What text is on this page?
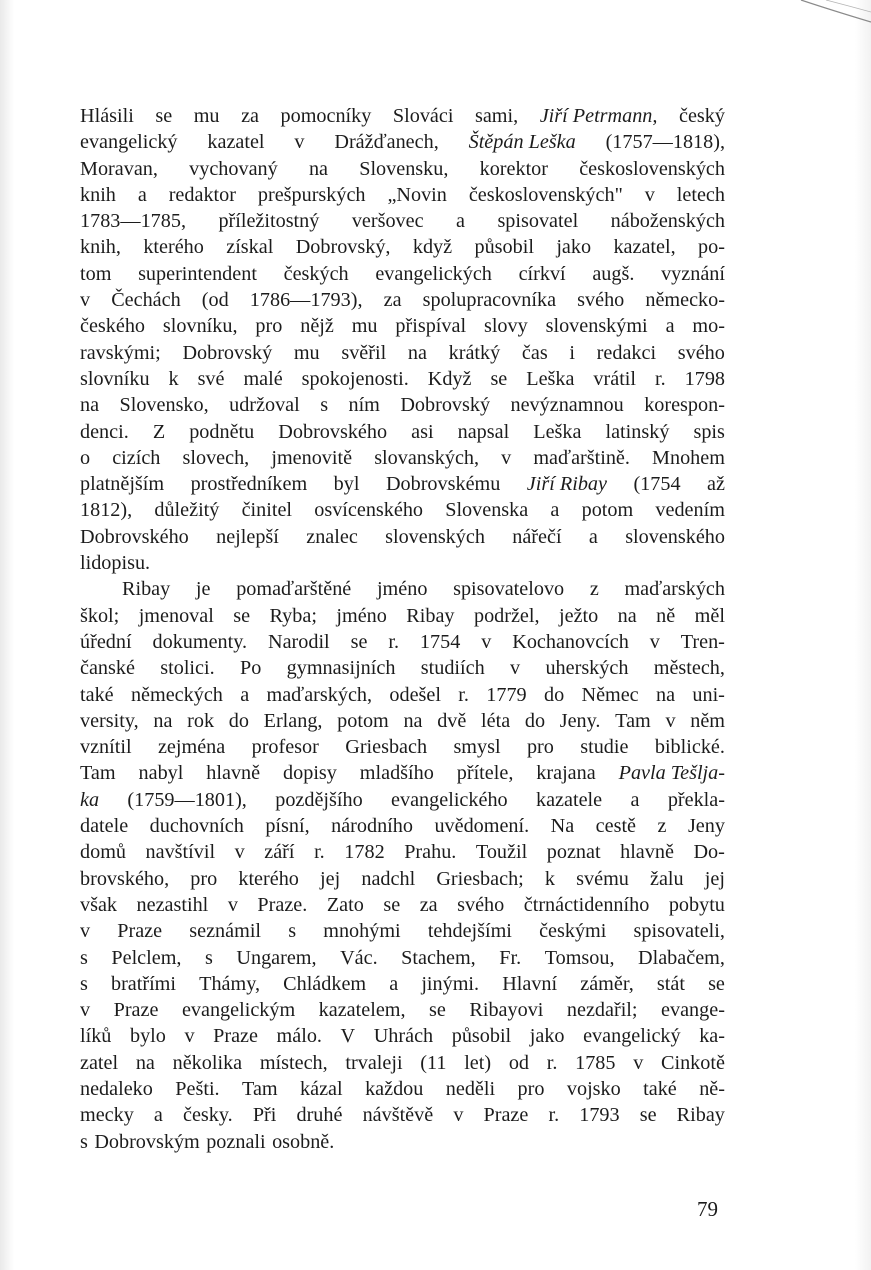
Hlásili se mu za pomocníky Slováci sami, Jiří Petrmann, český
evangelický kazatel v Drážďanech, Štěpán Leška (1757—1818),
Moravan, vychovaný na Slovensku, korektor československých
knih a redaktor prešpurských „Novin československých" v letech
1783—1785, příležitostný veršovec a spisovatel náboženských
knih, kterého získal Dobrovský, když působil jako kazatel, po-
tom superintendent českých evangelických církví augš. vyznání
v Čechách (od 1786—1793), za spolupracovníka svého německo-
českého slovníku, pro nějž mu přispíval slovy slovenskými a mo-
ravskými; Dobrovský mu svěřil na krátký čas i redakci svého
slovníku k své malé spokojenosti. Když se Leška vrátil r. 1798
na Slovensko, udržoval s ním Dobrovský nevýznamnou korespon-
denci. Z podnětu Dobrovského asi napsal Leška latinský spis
o cizích slovech, jmenovitě slovanských, v maďarštině. Mnohem
platnějším prostředníkem byl Dobrovskému Jiří Ribay (1754 až
1812), důležitý činitel osvícenského Slovenska a potom vedením
Dobrovského nejlepší znalec slovenských nářečí a slovenského
lidopisu.
Ribay je pomaďarštěné jméno spisovatelovo z maďarských
škol; jmenoval se Ryba; jméno Ribay podržel, ježto na ně měl
úřední dokumenty. Narodil se r. 1754 v Kochanovcích v Tren-
čanské stolici. Po gymnasijních studiích v uherských městech,
také německých a maďarských, odešel r. 1779 do Němec na uni-
versity, na rok do Erlang, potom na dvě léta do Jeny. Tam v něm
vznítil zejména profesor Griesbach smysl pro studie biblické.
Tam nabyl hlavně dopisy mladšího přítele, krajana Pavla Tešlja-
ka (1759—1801), pozdějšího evangelického kazatele a překla-
datele duchovních písní, národního uvědomení. Na cestě z Jeny
domů navštívil v září r. 1782 Prahu. Toužil poznat hlavně Do-
brovského, pro kterého jej nadchl Griesbach; k svému žalu jej
však nezastihl v Praze. Zato se za svého čtrnáctidenního pobytu
v Praze seznámil s mnohými tehdejšími českými spisovateli,
s Pelclem, s Ungarem, Vác. Stachem, Fr. Tomsou, Dlabačem,
s bratřími Thámy, Chládkem a jinými. Hlavní záměr, stát se
v Praze evangelickým kazatelem, se Ribayovi nezdařil; evange-
líků bylo v Praze málo. V Uhrách působil jako evangelický ka-
zatel na několika místech, trvaleji (11 let) od r. 1785 v Cinkotě
nedaleko Pešti. Tam kázal každou neděli pro vojsko také ně-
mecky a česky. Při druhé návštěvě v Praze r. 1793 se Ribay
s Dobrovským poznali osobně.
79
